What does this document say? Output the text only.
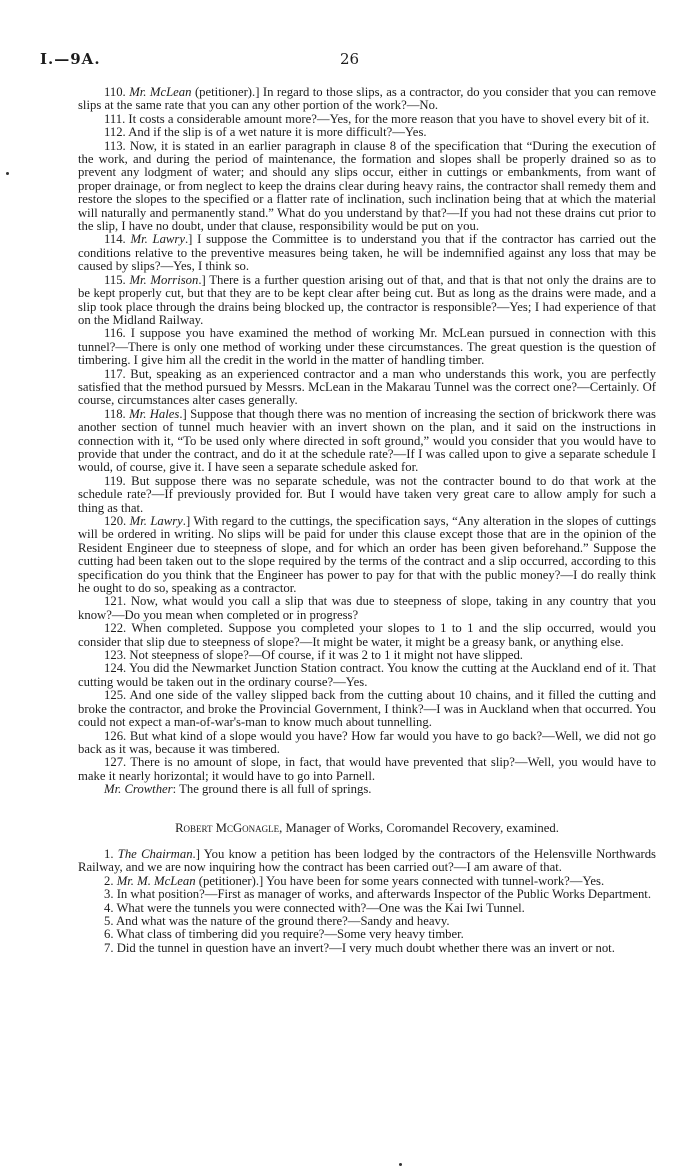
I.—9A.	26

110. Mr. McLean (petitioner).] In regard to those slips, as a contractor, do you consider that you can remove slips at the same rate that you can any other portion of the work?—No.

111. It costs a considerable amount more?—Yes, for the more reason that you have to shovel every bit of it.

112. And if the slip is of a wet nature it is more difficult?—Yes.

113. Now, it is stated in an earlier paragraph in clause 8 of the specification that “During the execution of the work, and during the period of maintenance, the formation and slopes shall be properly drained so as to prevent any lodgment of water; and should any slips occur, either in cuttings or embankments, from want of proper drainage, or from neglect to keep the drains clear during heavy rains, the contractor shall remedy them and restore the slopes to the specified or a flatter rate of inclination, such inclination being that at which the material will naturally and permanently stand.” What do you understand by that?—If you had not these drains cut prior to the slip, I have no doubt, under that clause, responsibility would be put on you.

114. Mr. Lawry.] I suppose the Committee is to understand you that if the contractor has carried out the conditions relative to the preventive measures being taken, he will be indemnified against any loss that may be caused by slips?—Yes, I think so.

115. Mr. Morrison.] There is a further question arising out of that, and that is that not only the drains are to be kept properly cut, but that they are to be kept clear after being cut. But as long as the drains were made, and a slip took place through the drains being blocked up, the contractor is responsible?—Yes; I had experience of that on the Midland Railway.

116. I suppose you have examined the method of working Mr. McLean pursued in connection with this tunnel?—There is only one method of working under these circumstances. The great question is the question of timbering. I give him all the credit in the world in the matter of handling timber.

117. But, speaking as an experienced contractor and a man who understands this work, you are perfectly satisfied that the method pursued by Messrs. McLean in the Makarau Tunnel was the correct one?—Certainly. Of course, circumstances alter cases generally.

118. Mr. Hales.] Suppose that though there was no mention of increasing the section of brickwork there was another section of tunnel much heavier with an invert shown on the plan, and it said on the instructions in connection with it, “To be used only where directed in soft ground,” would you consider that you would have to provide that under the contract, and do it at the schedule rate?—If I was called upon to give a separate schedule I would, of course, give it. I have seen a separate schedule asked for.

119. But suppose there was no separate schedule, was not the contracter bound to do that work at the schedule rate?—If previously provided for. But I would have taken very great care to allow amply for such a thing as that.

120. Mr. Lawry.] With regard to the cuttings, the specification says, “Any alteration in the slopes of cuttings will be ordered in writing. No slips will be paid for under this clause except those that are in the opinion of the Resident Engineer due to steepness of slope, and for which an order has been given beforehand.” Suppose the cutting had been taken out to the slope required by the terms of the contract and a slip occurred, according to this specification do you think that the Engineer has power to pay for that with the public money?—I do really think he ought to do so, speaking as a contractor.

121. Now, what would you call a slip that was due to steepness of slope, taking in any country that you know?—Do you mean when completed or in progress?

122. When completed. Suppose you completed your slopes to 1 to 1 and the slip occurred, would you consider that slip due to steepness of slope?—It might be water, it might be a greasy bank, or anything else.

123. Not steepness of slope?—Of course, if it was 2 to 1 it might not have slipped.

124. You did the Newmarket Junction Station contract. You know the cutting at the Auckland end of it. That cutting would be taken out in the ordinary course?—Yes.

125. And one side of the valley slipped back from the cutting about 10 chains, and it filled the cutting and broke the contractor, and broke the Provincial Government, I think?—I was in Auckland when that occurred. You could not expect a man-of-war's-man to know much about tunnelling.

126. But what kind of a slope would you have? How far would you have to go back?—Well, we did not go back as it was, because it was timbered.

127. There is no amount of slope, in fact, that would have prevented that slip?—Well, you would have to make it nearly horizontal; it would have to go into Parnell.

Mr. Crowther: The ground there is all full of springs.

Robert McGonagle, Manager of Works, Coromandel Recovery, examined.

1. The Chairman.] You know a petition has been lodged by the contractors of the Helensville Northwards Railway, and we are now inquiring how the contract has been carried out?—I am aware of that.

2. Mr. M. McLean (petitioner).] You have been for some years connected with tunnel-work?—Yes.

3. In what position?—First as manager of works, and afterwards Inspector of the Public Works Department.

4. What were the tunnels you were connected with?—One was the Kai Iwi Tunnel.

5. And what was the nature of the ground there?—Sandy and heavy.

6. What class of timbering did you require?—Some very heavy timber.

7. Did the tunnel in question have an invert?—I very much doubt whether there was an invert or not.
